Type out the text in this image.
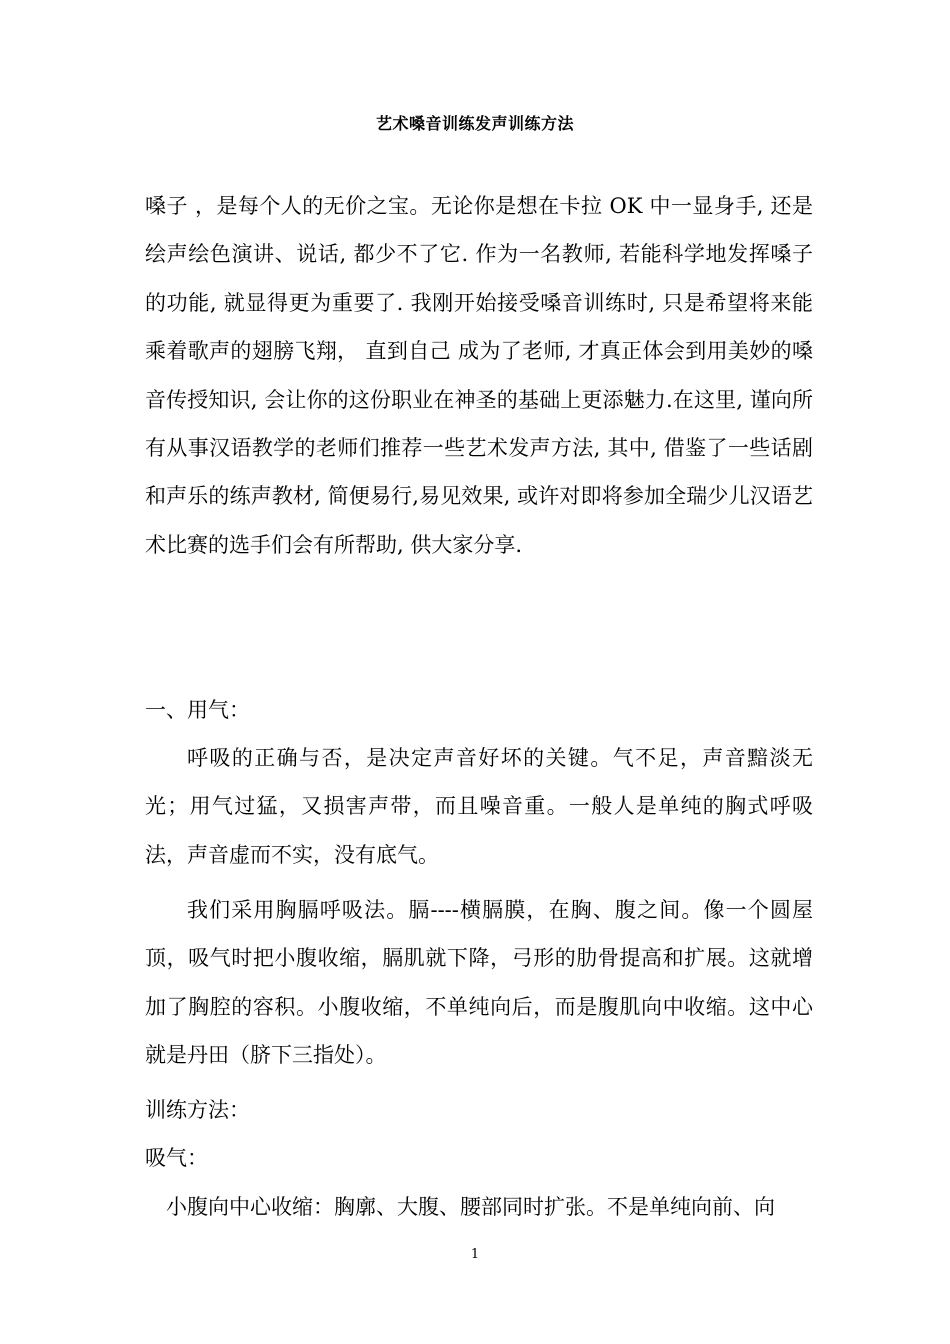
艺术嗓音训练发声训练方法
嗓子 ，是每个人的无价之宝。无论你是想在卡拉 OK 中一显身手, 还是绘声绘色演讲、说话, 都少不了它. 作为一名教师, 若能科学地发挥嗓子的功能, 就显得更为重要了. 我刚开始接受嗓音训练时, 只是希望将来能乘着歌声的翅膀飞翔， 直到自己 成为了老师, 才真正体会到用美妙的嗓音传授知识, 会让你的这份职业在神圣的基础上更添魅力.在这里, 谨向所有从事汉语教学的老师们推荐一些艺术发声方法, 其中, 借鉴了一些话剧和声乐的练声教材, 简便易行,易见效果, 或许对即将参加全瑞少儿汉语艺术比赛的选手们会有所帮助, 供大家分享.
一、用气：
呼吸的正确与否，是决定声音好坏的关键。气不足，声音黯淡无光；用气过猛，又损害声带，而且噪音重。一般人是单纯的胸式呼吸法，声音虚而不实，没有底气。
我们采用胸膈呼吸法。膈----横膈膜，在胸、腹之间。像一个圆屋顶，吸气时把小腹收缩，膈肌就下降，弓形的肋骨提高和扩展。这就增加了胸腔的容积。小腹收缩，不单纯向后，而是腹肌向中收缩。这中心就是丹田（脐下三指处）。
训练方法：
吸气：
小腹向中心收缩：胸廓、大腹、腰部同时扩张。不是单纯向前、向
1
